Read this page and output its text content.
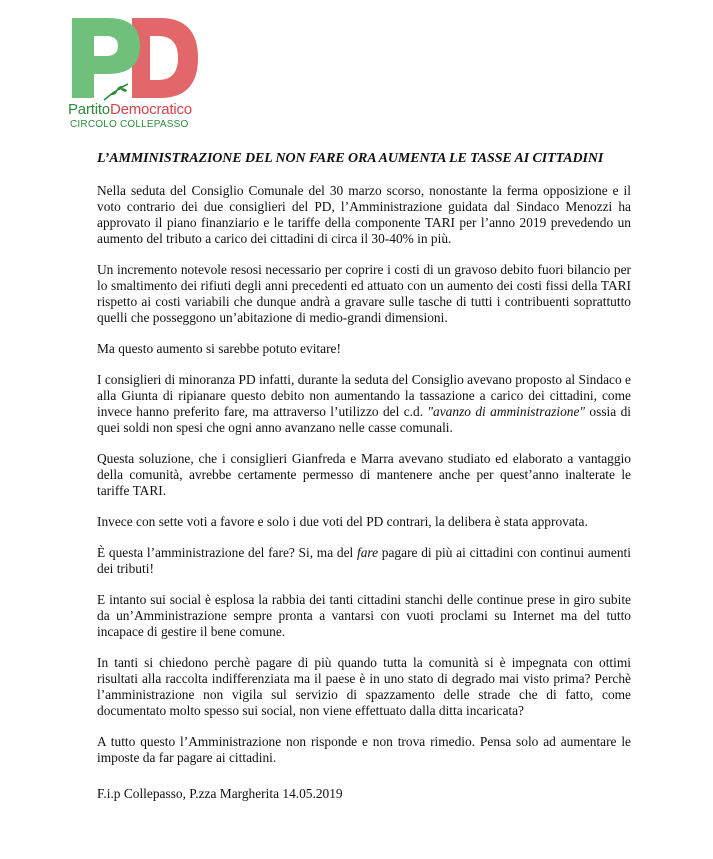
PartitoDemocratico
CIRCOLO COLLEPASSO
L’AMMINISTRAZIONE DEL NON FARE ORA AUMENTA LE TASSE AI CITTADINI

Nella seduta del Consiglio Comunale del 30 marzo scorso, nonostante la ferma opposizione e il voto contrario dei due consiglieri del PD, l’Amministrazione guidata dal Sindaco Menozzi ha approvato il piano finanziario e le tariffe della componente TARI per l’anno 2019 prevedendo un aumento del tributo a carico dei cittadini di circa il 30-40% in più.

Un incremento notevole resosi necessario per coprire i costi di un gravoso debito fuori bilancio per lo smaltimento dei rifiuti degli anni precedenti ed attuato con un aumento dei costi fissi della TARI rispetto ai costi variabili che dunque andrà a gravare sulle tasche di tutti i contribuenti soprattutto quelli che posseggono un’abitazione di medio-grandi dimensioni.

Ma questo aumento si sarebbe potuto evitare!

I consiglieri di minoranza PD infatti, durante la seduta del Consiglio avevano proposto al Sindaco e alla Giunta di ripianare questo debito non aumentando la tassazione a carico dei cittadini, come invece hanno preferito fare, ma attraverso l’utilizzo del c.d. "avanzo di amministrazione" ossia di quei soldi non spesi che ogni anno avanzano nelle casse comunali.

Questa soluzione, che i consiglieri Gianfreda e Marra avevano studiato ed elaborato a vantaggio della comunità, avrebbe certamente permesso di mantenere anche per quest’anno inalterate le tariffe TARI.

Invece con sette voti a favore e solo i due voti del PD contrari, la delibera è stata approvata.

È questa l’amministrazione del fare? Si, ma del fare pagare di più ai cittadini con continui aumenti dei tributi!

E intanto sui social è esplosa la rabbia dei tanti cittadini stanchi delle continue prese in giro subite da un’Amministrazione sempre pronta a vantarsi con vuoti proclami su Internet ma del tutto incapace di gestire il bene comune.

In tanti si chiedono perchè pagare di più quando tutta la comunità si è impegnata con ottimi risultati alla raccolta indifferenziata ma il paese è in uno stato di degrado mai visto prima? Perchè l’amministrazione non vigila sul servizio di spazzamento delle strade che di fatto, come documentato molto spesso sui social, non viene effettuato dalla ditta incaricata?

A tutto questo l’Amministrazione non risponde e non trova rimedio. Pensa solo ad aumentare le imposte da far pagare ai cittadini.

F.i.p Collepasso, P.zza Margherita 14.05.2019
